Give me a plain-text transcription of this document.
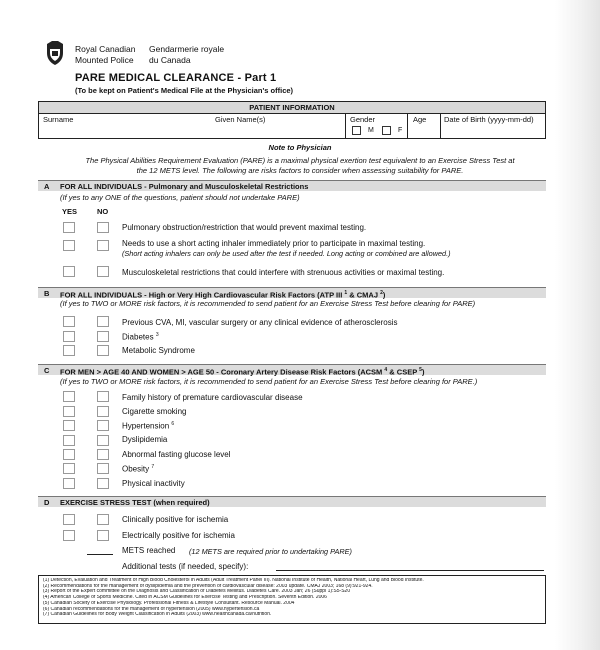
Royal Canadian
Mounted Police
Gendarmerie royale
du Canada
PARE MEDICAL CLEARANCE - Part 1
(To be kept on Patient's Medical File at the Physician's office)
PATIENT INFORMATION
Surname	Given Name(s)	Gender	Age Date of Birth (yyyy-mm-dd)
M	F
Note to Physician
The Physical Abilities Requirement Evaluation (PARE) is a maximal physical exertion test equivalent to an Exercise Stress Test at the 12 METS level. The following are risks factors to consider when assessing suitability for PARE.
A FOR ALL INDIVIDUALS - Pulmonary and Musculoskeletal Restrictions
(If yes to any ONE of the questions, patient should not undertake PARE)
YES	NO
Pulmonary obstruction/restriction that would prevent maximal testing.
Needs to use a short acting inhaler immediately prior to participate in maximal testing.
(Short acting inhalers can only be used after the test if needed. Long acting or combined are allowed.)
Musculoskeletal restrictions that could interfere with strenuous activities or maximal testing.
B FOR ALL INDIVIDUALS - High or Very High Cardiovascular Risk Factors (ATP III $^1$ & CMAJ $^2$)
(If yes to TWO or MORE risk factors, it is recommended to send patient for an Exercise Stress Test before clearing for PARE)
Previous CVA, MI, vascular surgery or any clinical evidence of atherosclerosis
Diabetes $^3$
Metabolic Syndrome
C FOR MEN > AGE 40 AND WOMEN > AGE 50 - Coronary Artery Disease Risk Factors (ACSM $^4$ & CSEP $^5$)
(If yes to TWO or MORE risk factors, it is recommended to send patient for an Exercise Stress Test before clearing for PARE.)
Family history of premature cardiovascular disease
Cigarette smoking
Hypertension $^6$
Dyslipidemia
Abnormal fasting glucose level
Obesity $^7$
Physical inactivity
D EXERCISE STRESS TEST (when required)
Clinically positive for ischemia
Electrically positive for ischemia
METS reached (12 METS are required prior to undertaking PARE)
Additional tests (if needed, specify):
(1) Detection, Evaluation and Treatment of High Blood Cholesterol in Adults (Adult Treatment Panel III). National Institute of Health, National Heart, Lung and Blood Institute.
(2) Recommendations for the management of dyslipidemia and the prevention of cardiovascular disease: 2003 update. CMAJ 2003; 168 (9):921-924.
(3) Report of the Expert committee on the Diagnosis and Classification of Diabetes Mellitus. Diabetes Care. 2003 Jan; 26 (Suppl 1):S5-S20
(4) American College of Sports Medicine. Cited in ACSM Guidelines for Exercise Testing and Prescription. Seventh Edition. 2006
(5) Canadian Society of Exercise Physiology. Professional Fitness & Lifestyle Consultant. Resource Manual. 2004
(6) Canadian recommendations for the management of hypertension (2005) www.hypertension.ca
(7) Canadian Guidelines for Body Weight Classification in Adults (2003) www.healthcanada.ca/nutrition.
